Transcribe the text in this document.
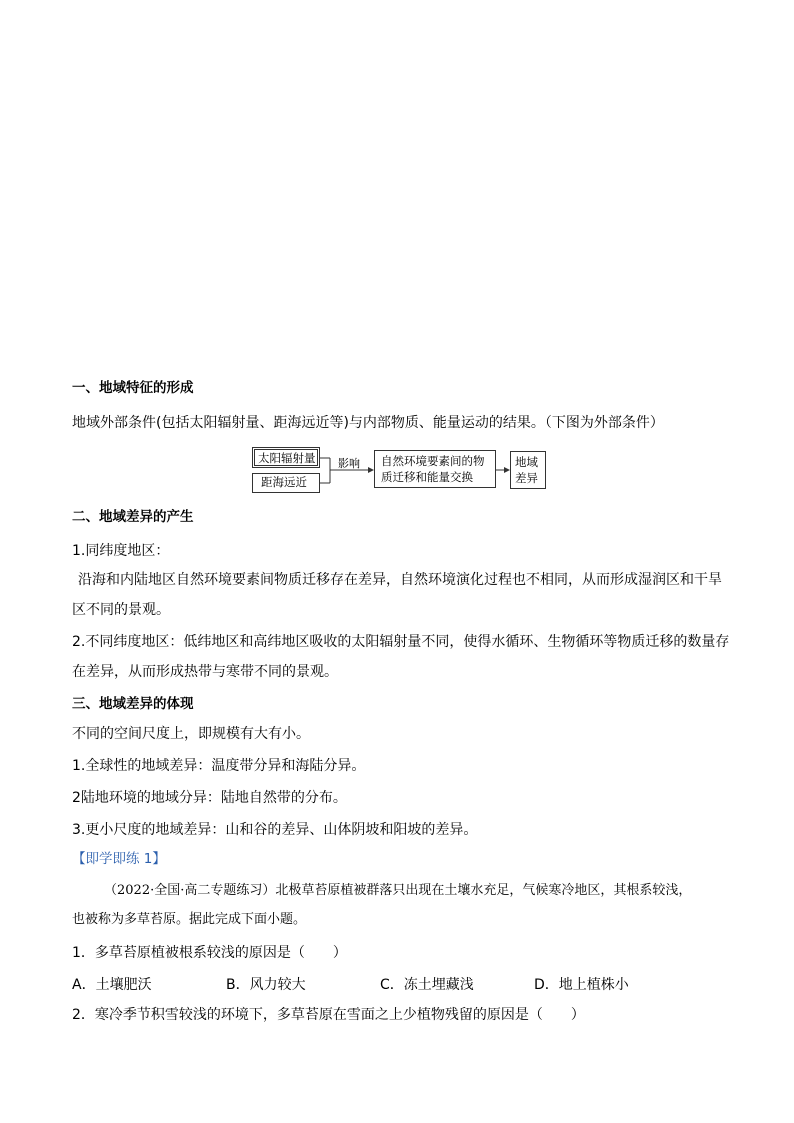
一、地域特征的形成
地域外部条件(包括太阳辐射量、距海远近等)与内部物质、能量运动的结果。（下图为外部条件）
太阳辐射量
距海远近
影响 自然环境要素间的物
质迁移和能量交换
地域
差异
二、地域差异的产生
1.同纬度地区：
沿海和内陆地区自然环境要素间物质迁移存在差异，自然环境演化过程也不相同，从而形成湿润区和干旱
区不同的景观。
2.不同纬度地区：低纬地区和高纬地区吸收的太阳辐射量不同，使得水循环、生物循环等物质迁移的数量存
在差异，从而形成热带与寒带不同的景观。
三、地域差异的体现
不同的空间尺度上，即规模有大有小。
1.全球性的地域差异：温度带分异和海陆分异。
2陆地环境的地域分异：陆地自然带的分布。
3.更小尺度的地域差异：山和谷的差异、山体阴坡和阳坡的差异。
【即学即练 1】
（2022·全国·高二专题练习）北极草苔原植被群落只出现在土壤水充足，气候寒冷地区，其根系较浅，
也被称为多草苔原。据此完成下面小题。
1．多草苔原植被根系较浅的原因是（　　）
A．土壤肥沃	B．风力较大	C．冻土埋藏浅	D．地上植株小
2．寒冷季节积雪较浅的环境下，多草苔原在雪面之上少植物残留的原因是（　　）
